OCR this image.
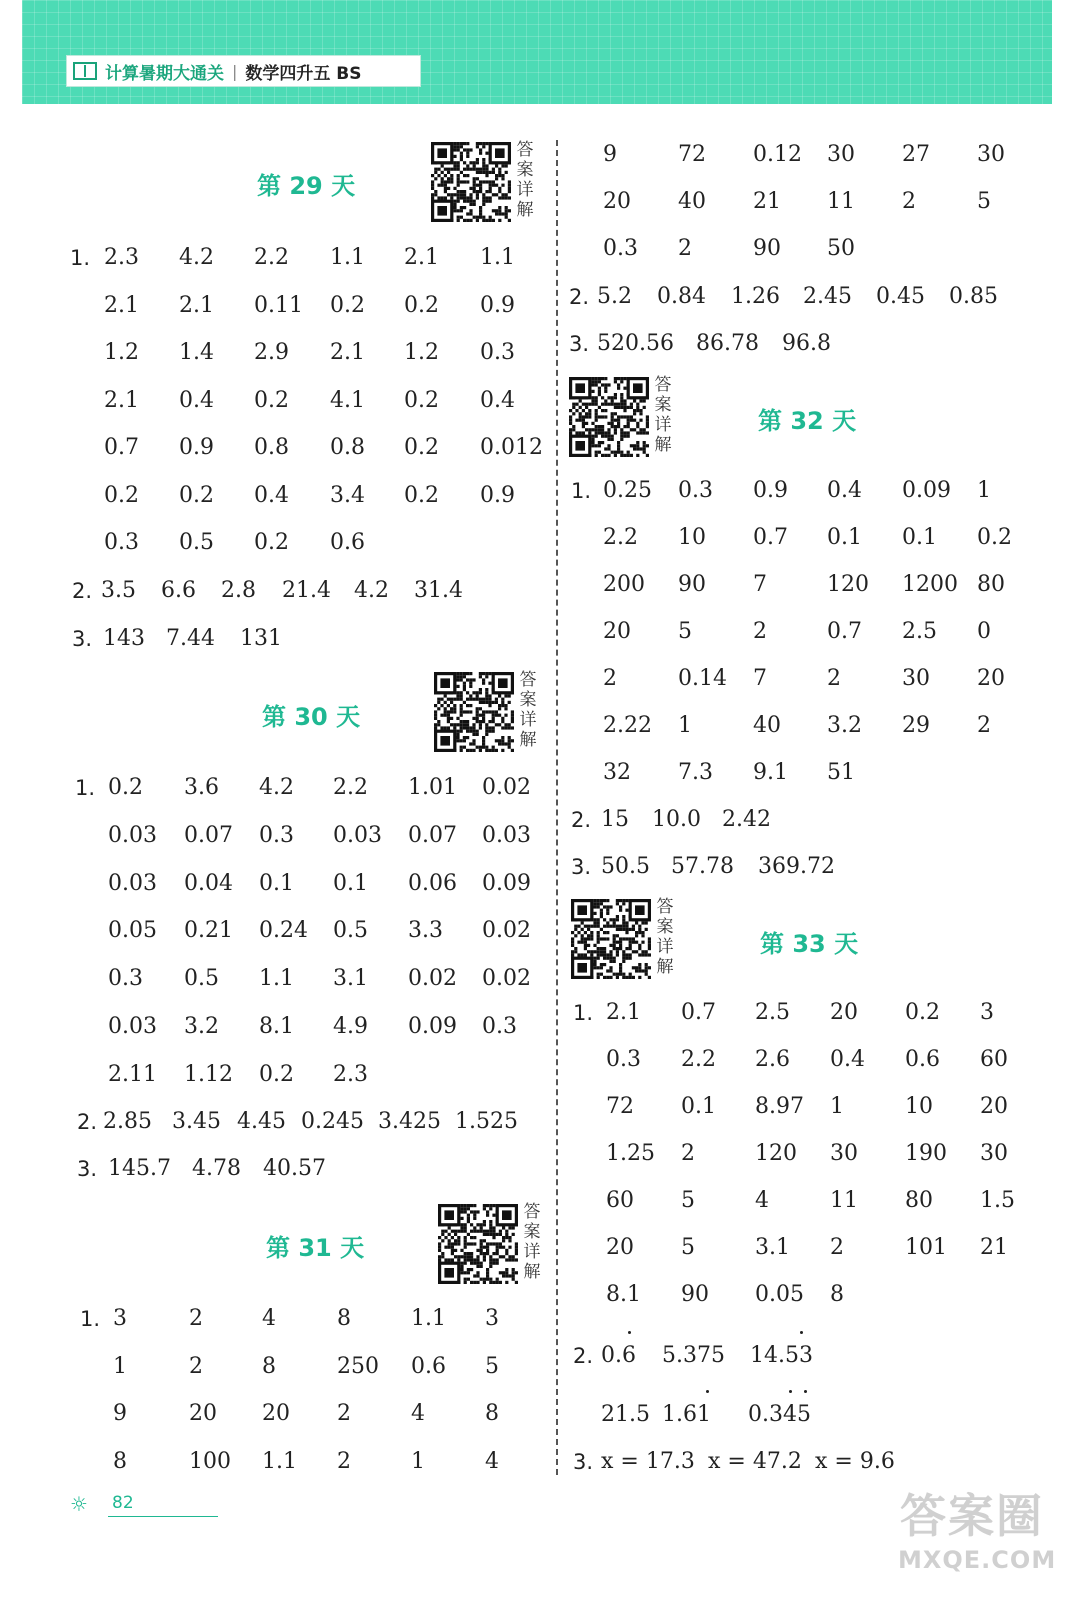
计算暑期大通关 | 数学四升五 BS
第 29 天
第 30 天
第 31 天
第 32 天
第 33 天
1. 2.3 4.2 2.2 1.1 2.1 1.1
2.1 2.1 0.11 0.2 0.2 0.9
1.2 1.4 2.9 2.1 1.2 0.3
2.1 0.4 0.2 4.1 0.2 0.4
0.7 0.9 0.8 0.8 0.2 0.012
0.2 0.2 0.4 3.4 0.2 0.9
0.3 0.5 0.2 0.6
2. 3.5 6.6 2.8 21.4 4.2 31.4
3. 143 7.44 131
1. 0.2 3.6 4.2 2.2 1.01 0.02
0.03 0.07 0.3 0.03 0.07 0.03
0.03 0.04 0.1 0.1 0.06 0.09
0.05 0.21 0.24 0.5 3.3 0.02
0.3 0.5 1.1 3.1 0.02 0.02
0.03 3.2 8.1 4.9 0.09 0.3
2.11 1.12 0.2 2.3
2. 2.85 3.45 4.45 0.245 3.425 1.525
3. 145.7 4.78 40.57
1. 3	2	4	8	1.1 3
1	2	8	250 0.6 5
9	20 20 2	4	8
8	100 1.1 2	1	4
9	72 0.12 30 27 30
20 40 21 11 2	5
0.3 2	90 50
2. 5.2 0.84 1.26 2.45 0.45 0.85
3. 520.56 86.78 96.8
1. 0.25 0.3 0.9 0.4 0.09 1
2.2 10 0.7 0.1 0.1 0.2
200 90 7	120 1200 80
20 5	2	0.7 2.5 0
2	0.14 7	2	30 20
2.22 1	40 3.2 29 2
32 7.3 9.1 51
2. 15 10.0 2.42
3. 50.5 57.78 369.72
1. 2.1 0.7 2.5 20 0.2 3
0.3 2.2 2.6 0.4 0.6 60
72 0.1 8.97 1	10 20
1.25 2	120 30 190 30
60 5	4	11 80 1.5
20 5	3.1 2	101 21
8.1 90 0.05 8
2. 0.6 5.375 14.53
21.5 1.61 0.345
3. x = 17.3 x = 47.2 x = 9.6
答
案
详
解
答
案
详
解
答
案
详
解
答
案
详
解
答
案
详
解
☼ 82	答案圈
MXQE.COM
